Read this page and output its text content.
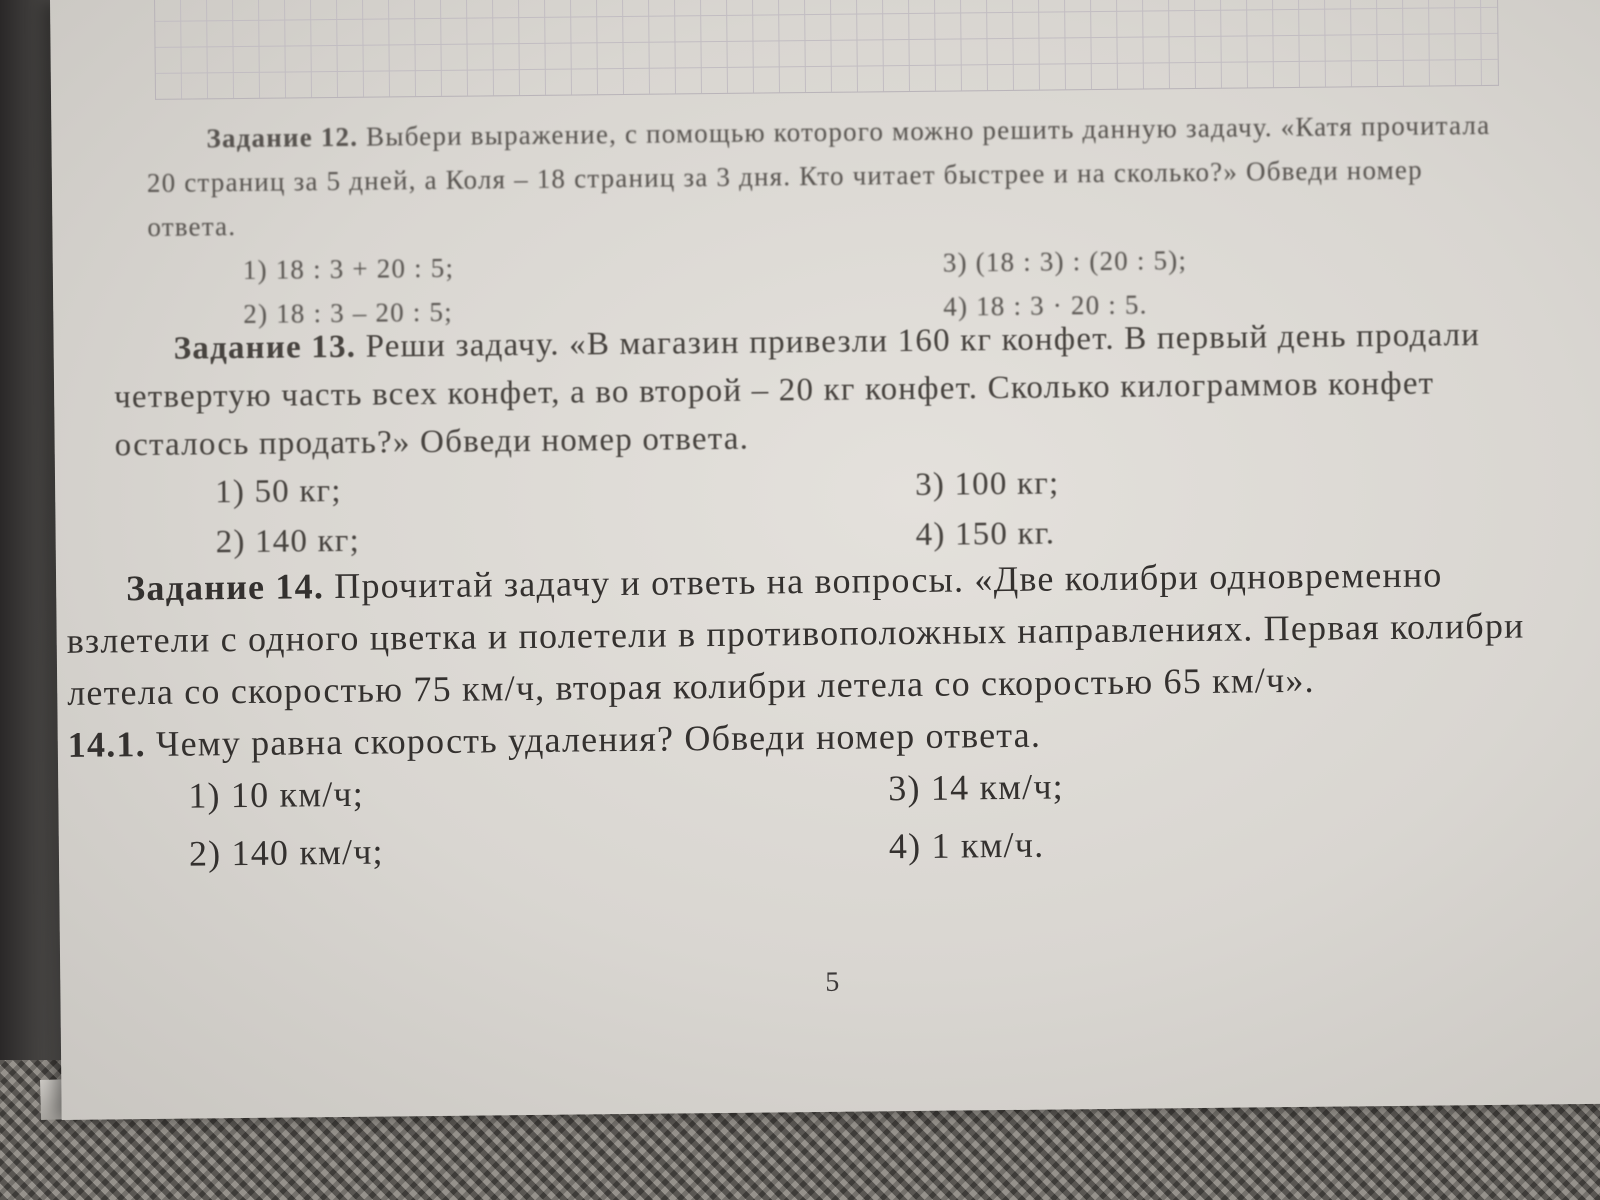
Задание 12. Выбери выражение, с помощью которого можно решить данную задачу. «Катя прочитала 20 страниц за 5 дней, а Коля – 18 страниц за 3 дня. Кто читает быстрее и на сколько?» Обведи номер ответа.

1) 18 : 3 + 20 : 5;	3) (18 : 3) : (20 : 5);
2) 18 : 3 – 20 : 5;	4) 18 : 3 · 20 : 5.

Задание 13. Реши задачу. «В магазин привезли 160 кг конфет. В первый день продали четвертую часть всех конфет, а во второй – 20 кг конфет. Сколько килограммов конфет осталось продать?» Обведи номер ответа.

1) 50 кг;	3) 100 кг;
2) 140 кг;	4) 150 кг.

Задание 14. Прочитай задачу и ответь на вопросы. «Две колибри одновременно взлетели с одного цветка и полетели в противоположных направлениях. Первая колибри летела со скоростью 75 км/ч, вторая колибри летела со скоростью 65 км/ч».

14.1. Чему равна скорость удаления? Обведи номер ответа.

1) 10 км/ч;	3) 14 км/ч;
2) 140 км/ч;	4) 1 км/ч.
5
